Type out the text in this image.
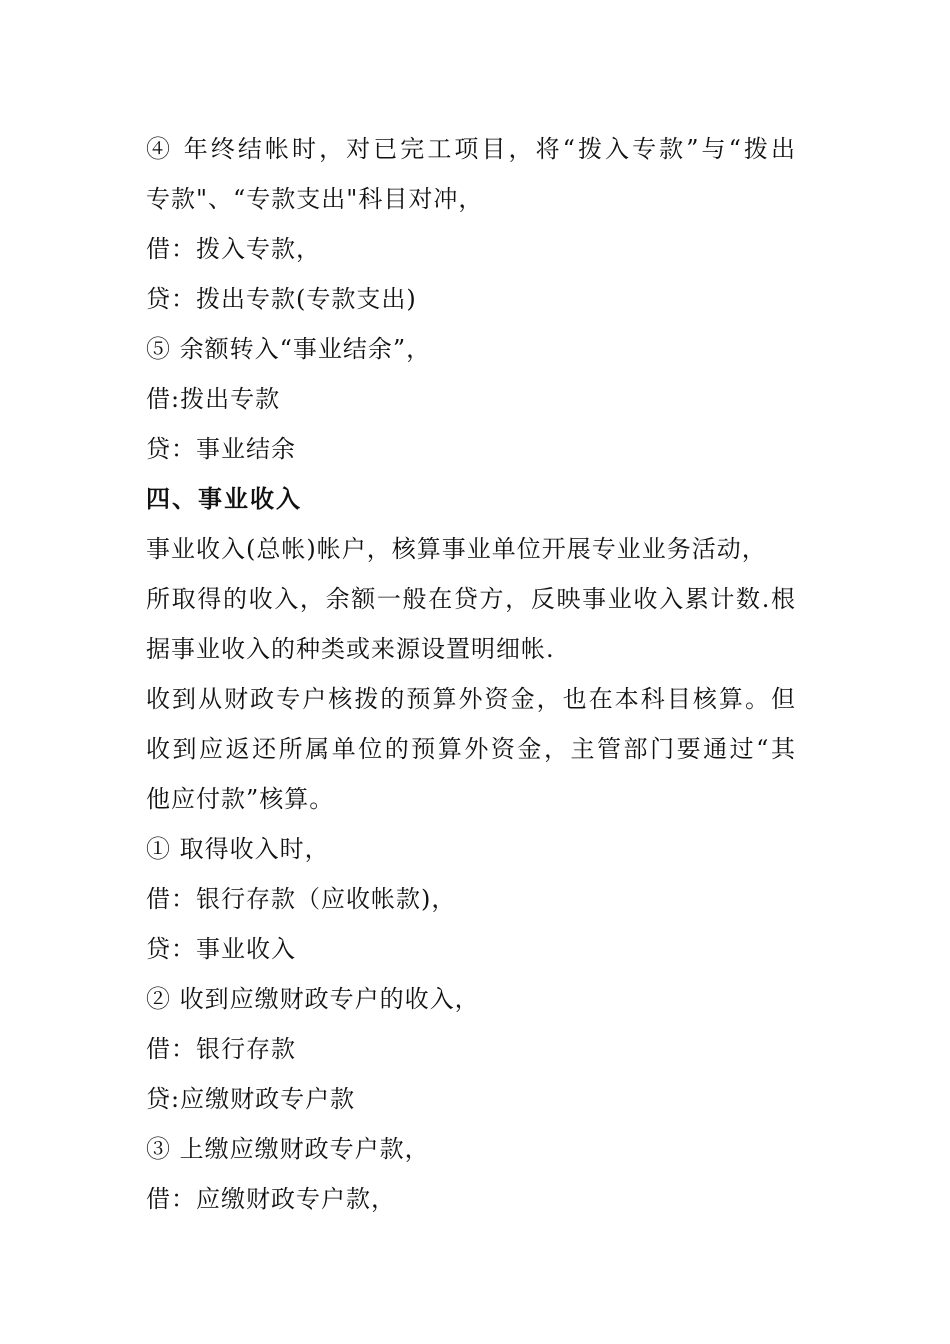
④ 年终结帐时，对已完工项目，将“拨入专款”与“拨出
专款"、“专款支出"科目对冲，
借：拨入专款，
贷：拨出专款(专款支出)
⑤ 余额转入“事业结余”，
借:拨出专款
贷：事业结余
四、事业收入
事业收入(总帐)帐户，核算事业单位开展专业业务活动，
所取得的收入，余额一般在贷方，反映事业收入累计数.根
据事业收入的种类或来源设置明细帐.
收到从财政专户核拨的预算外资金，也在本科目核算。但
收到应返还所属单位的预算外资金，主管部门要通过“其
他应付款”核算。
① 取得收入时，
借：银行存款（应收帐款)，
贷：事业收入
② 收到应缴财政专户的收入，
借：银行存款
贷:应缴财政专户款
③ 上缴应缴财政专户款，
借：应缴财政专户款，
